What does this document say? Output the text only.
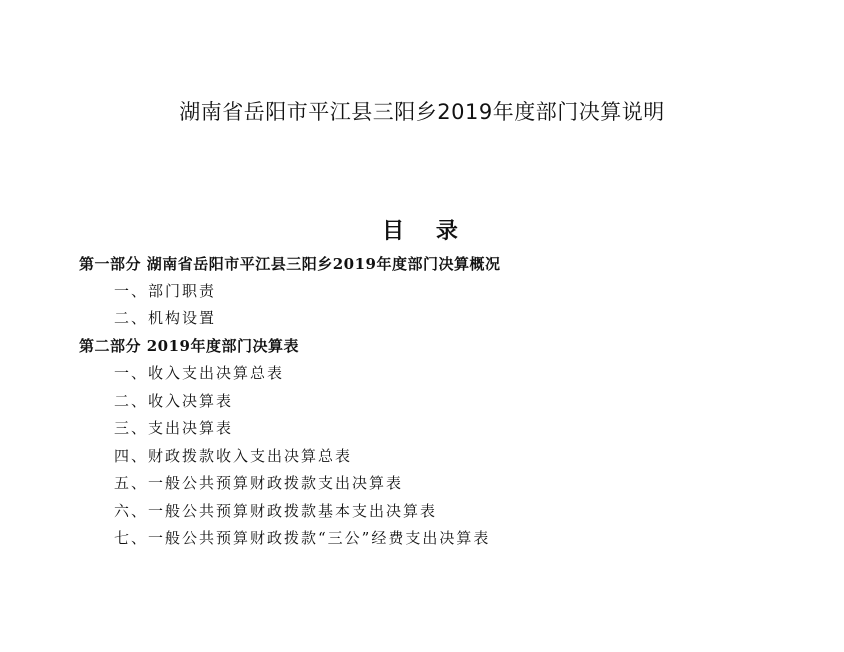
湖南省岳阳市平江县三阳乡2019年度部门决算说明
目 录
第一部分 湖南省岳阳市平江县三阳乡2019年度部门决算概况
一、部门职责
二、机构设置
第二部分 2019年度部门决算表
一、收入支出决算总表
二、收入决算表
三、支出决算表
四、财政拨款收入支出决算总表
五、一般公共预算财政拨款支出决算表
六、一般公共预算财政拨款基本支出决算表
七、一般公共预算财政拨款“三公”经费支出决算表
